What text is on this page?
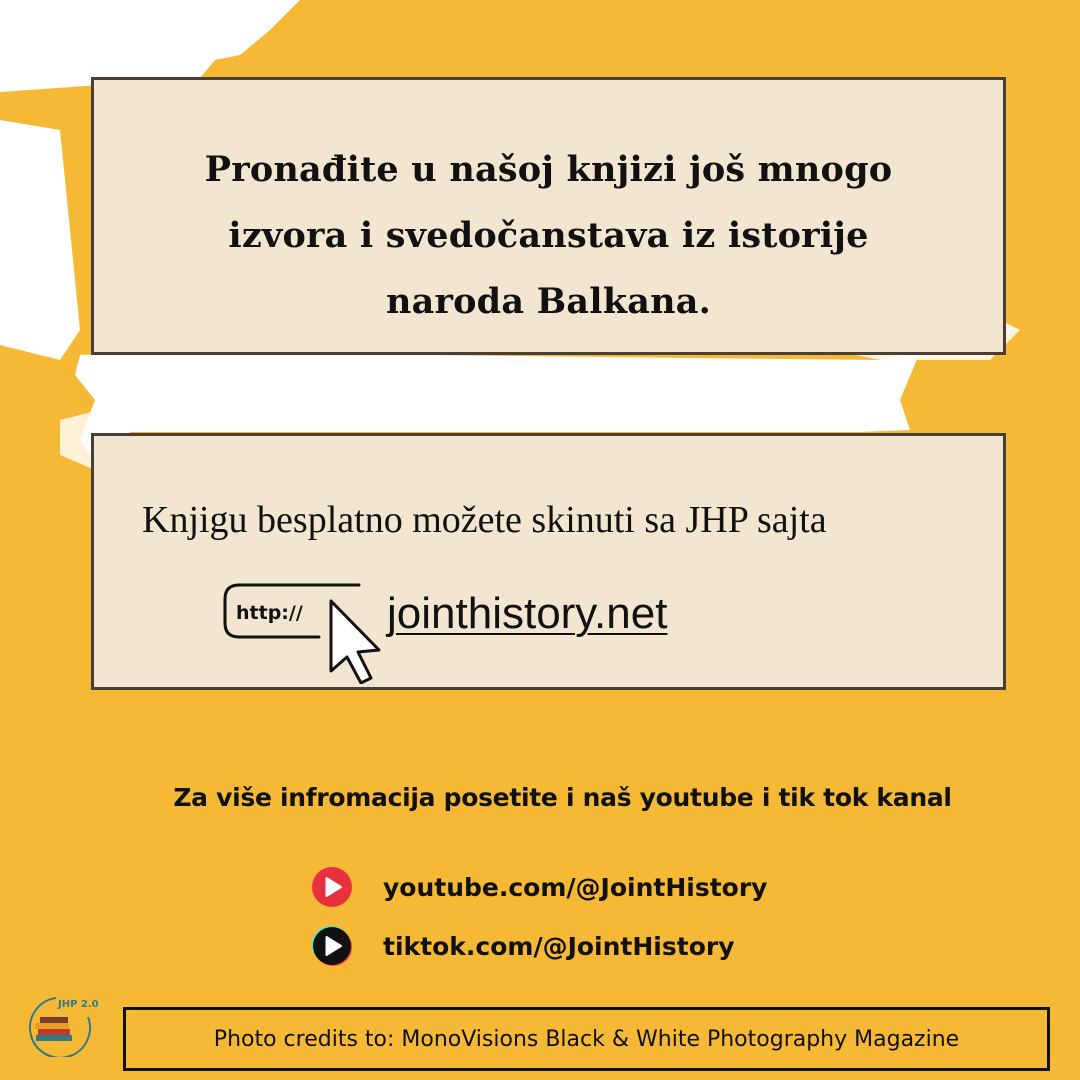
Pronađite u našoj knjizi još mnogo
izvora i svedočanstava iz istorije
naroda Balkana.

Knjigu besplatno možete skinuti sa JHP sajta

http:// jointhistory.net

Za više infromacija posetite i naš youtube i tik tok kanal

youtube.com/@JointHistory
tiktok.com/@JointHistory
JHP 2.0
Photo credits to: MonoVisions Black & White Photography Magazine
